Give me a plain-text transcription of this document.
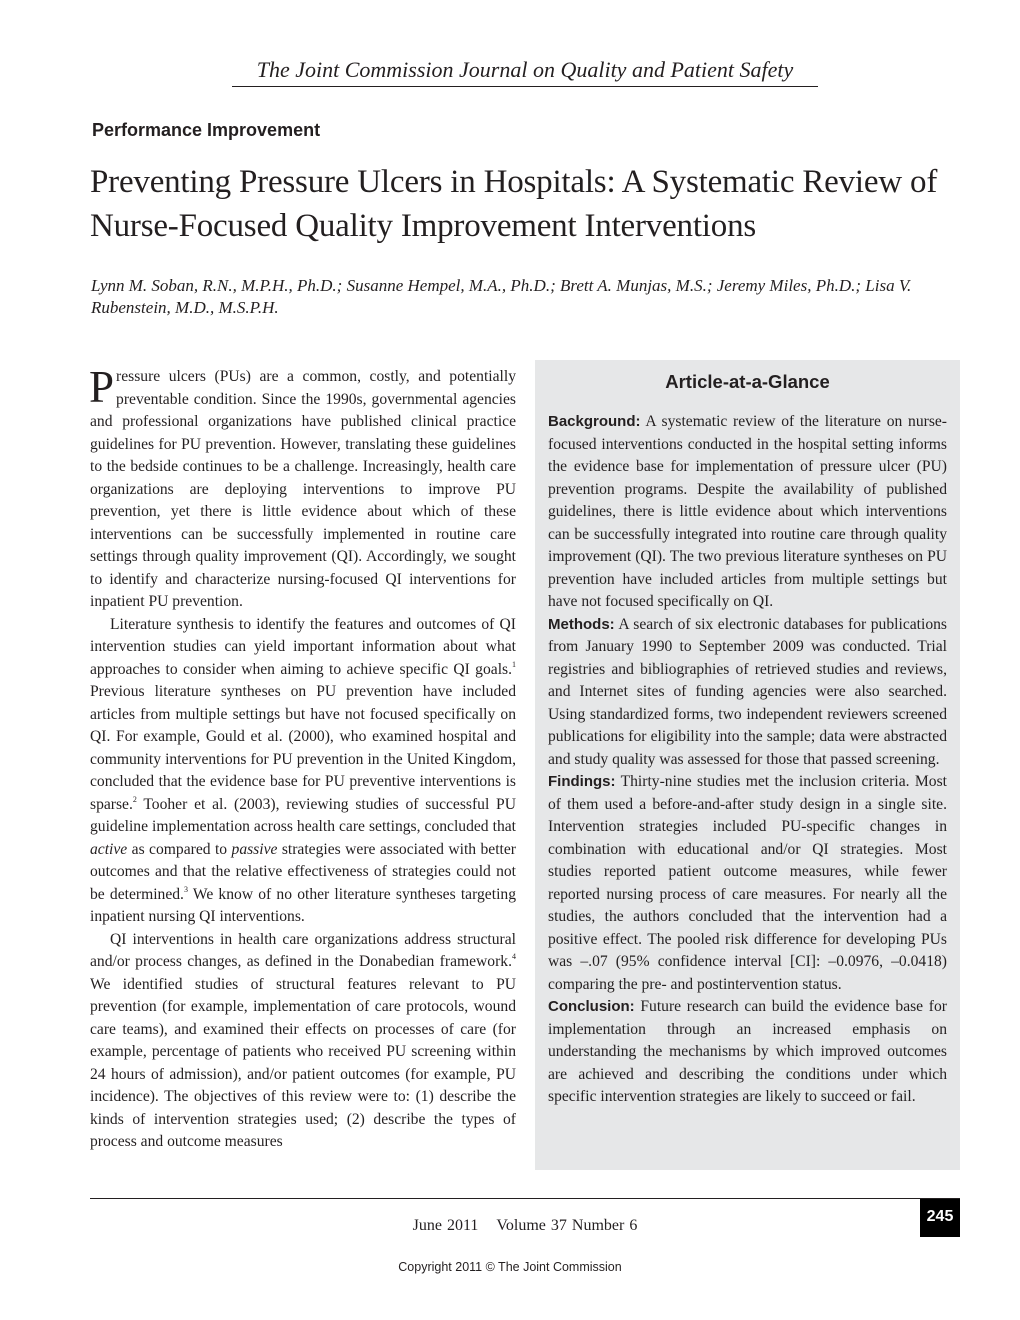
The Joint Commission Journal on Quality and Patient Safety
Performance Improvement
Preventing Pressure Ulcers in Hospitals: A Systematic Review of Nurse-Focused Quality Improvement Interventions
Lynn M. Soban, R.N., M.P.H., Ph.D.; Susanne Hempel, M.A., Ph.D.; Brett A. Munjas, M.S.; Jeremy Miles, Ph.D.; Lisa V. Rubenstein, M.D., M.S.P.H.

Pressure ulcers (PUs) are a common, costly, and potentially preventable condition. Since the 1990s, governmental agencies and professional organizations have published clinical practice guidelines for PU prevention. However, translating these guidelines to the bedside continues to be a challenge. Increasingly, health care organizations are deploying interventions to improve PU prevention, yet there is little evidence about which of these interventions can be successfully implemented in routine care settings through quality improvement (QI). Accordingly, we sought to identify and characterize nursing-focused QI interventions for inpatient PU prevention.

Literature synthesis to identify the features and outcomes of QI intervention studies can yield important information about what approaches to consider when aiming to achieve specific QI goals.$^1$ Previous literature syntheses on PU prevention have included articles from multiple settings but have not focused specifically on QI. For example, Gould et al. (2000), who examined hospital and community interventions for PU prevention in the United Kingdom, concluded that the evidence base for PU preventive interventions is sparse.$^2$ Tooher et al. (2003), reviewing studies of successful PU guideline implementation across health care settings, concluded that active as compared to passive strategies were associated with better outcomes and that the relative effectiveness of strategies could not be determined.$^3$ We know of no other literature syntheses targeting inpatient nursing QI interventions.

QI interventions in health care organizations address structural and/or process changes, as defined in the Donabedian framework.$^4$ We identified studies of structural features relevant to PU prevention (for example, implementation of care protocols, wound care teams), and examined their effects on processes of care (for example, percentage of patients who received PU screening within 24 hours of admission), and/or patient outcomes (for example, PU incidence). The objectives of this review were to: (1) describe the kinds of intervention strategies used; (2) describe the types of process and outcome measures

Article-at-a-Glance

Background: A systematic review of the literature on nurse-focused interventions conducted in the hospital setting informs the evidence base for implementation of pressure ulcer (PU) prevention programs. Despite the availability of published guidelines, there is little evidence about which interventions can be successfully integrated into routine care through quality improvement (QI). The two previous literature syntheses on PU prevention have included articles from multiple settings but have not focused specifically on QI.

Methods: A search of six electronic databases for publications from January 1990 to September 2009 was conducted. Trial registries and bibliographies of retrieved studies and reviews, and Internet sites of funding agencies were also searched. Using standardized forms, two independent reviewers screened publications for eligibility into the sample; data were abstracted and study quality was assessed for those that passed screening.

Findings: Thirty-nine studies met the inclusion criteria. Most of them used a before-and-after study design in a single site. Intervention strategies included PU-specific changes in combination with educational and/or QI strategies. Most studies reported patient outcome measures, while fewer reported nursing process of care measures. For nearly all the studies, the authors concluded that the intervention had a positive effect. The pooled risk difference for developing PUs was –.07 (95% confidence interval [CI]: –0.0976, –0.0418) comparing the pre- and postintervention status.

Conclusion: Future research can build the evidence base for implementation through an increased emphasis on understanding the mechanisms by which improved outcomes are achieved and describing the conditions under which specific intervention strategies are likely to succeed or fail.

June 2011 Volume 37 Number 6
245
Copyright 2011 © The Joint Commission
